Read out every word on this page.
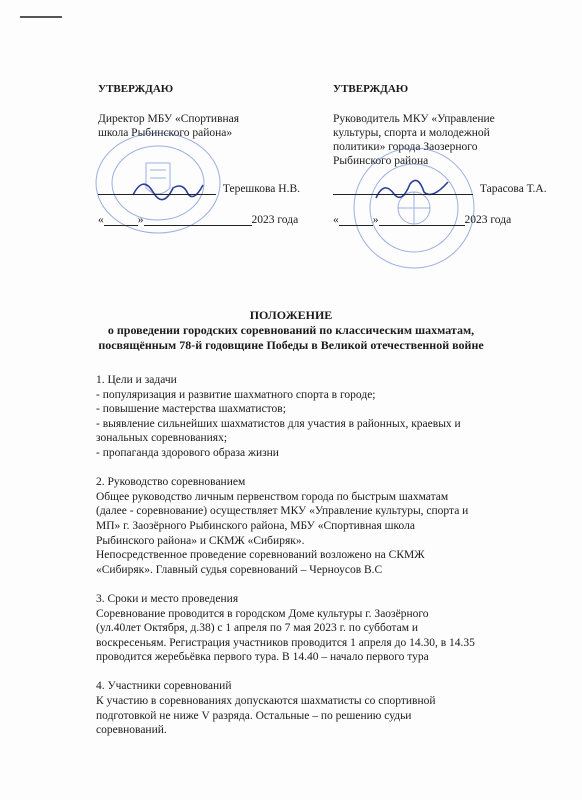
УТВЕРЖДАЮ
Директор МБУ «Спортивная
школа Рыбинского района»
Терешкова Н.В.
«	»	2023 года
УТВЕРЖДАЮ
Руководитель МКУ «Управление
культуры, спорта и молодежной
политики» города Заозерного
Рыбинского района
Тарасова Т.А.
«	»	2023 года
ПОЛОЖЕНИЕ
о проведении городских соревнований по классическим шахматам,
посвящённым 78-й годовщине Победы в Великой отечественной войне

1. Цели и задачи

- популяризация и развитие шахматного спорта в городе;

- повышение мастерства шахматистов;

- выявление сильнейших шахматистов для участия в районных, краевых и

зональных соревнованиях;

- пропаганда здорового образа жизни

2. Руководство соревнованием

Общее руководство личным первенством города по быстрым шахматам

(далее - соревнование) осуществляет МКУ «Управление культуры, спорта и

МП» г. Заозёрного Рыбинского района, МБУ «Спортивная школа

Рыбинского района» и СКМЖ «Сибиряк».

Непосредственное проведение соревнований возложено на СКМЖ

«Сибиряк». Главный судья соревнований – Черноусов В.С

3. Сроки и место проведения

Соревнование проводится в городском Доме культуры г. Заозёрного

(ул.40лет Октября, д.38) с 1 апреля по 7 мая 2023 г. по субботам и

воскресеньям. Регистрация участников проводится 1 апреля до 14.30, в 14.35

проводится жеребьёвка первого тура. В 14.40 – начало первого тура

4. Участники соревнований

К участию в соревнованиях допускаются шахматисты со спортивной

подготовкой не ниже V разряда. Остальные – по решению судьи

соревнований.
